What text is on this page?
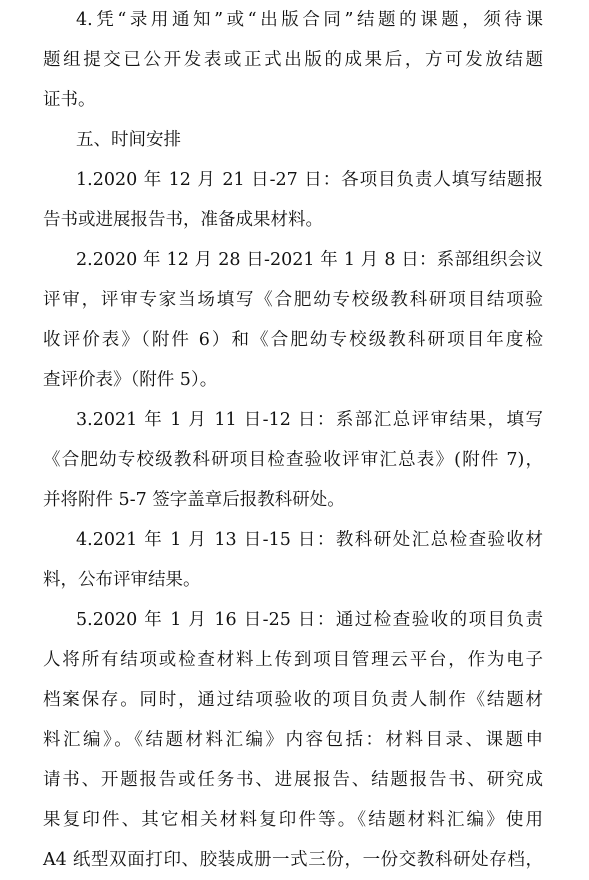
4.凭“录用通知”或“出版合同”结题的课题，须待课
题组提交已公开发表或正式出版的成果后，方可发放结题
证书。
五、时间安排
1.2020 年 12 月 21 日-27 日：各项目负责人填写结题报
告书或进展报告书，准备成果材料。
2.2020 年 12 月 28 日-2021 年 1 月 8 日：系部组织会议
评审，评审专家当场填写《合肥幼专校级教科研项目结项验
收评价表》（附件 6）和《合肥幼专校级教科研项目年度检
查评价表》（附件 5）。
3.2021 年 1 月 11 日-12 日：系部汇总评审结果，填写
《合肥幼专校级教科研项目检查验收评审汇总表》(附件 7)，
并将附件 5-7 签字盖章后报教科研处。
4.2021 年 1 月 13 日-15 日：教科研处汇总检查验收材
料，公布评审结果。
5.2020 年 1 月 16 日-25 日：通过检查验收的项目负责
人将所有结项或检查材料上传到项目管理云平台，作为电子
档案保存。同时，通过结项验收的项目负责人制作《结题材
料汇编》。《结题材料汇编》内容包括：材料目录、课题申
请书、开题报告或任务书、进展报告、结题报告书、研究成
果复印件、其它相关材料复印件等。《结题材料汇编》使用
A4 纸型双面打印、胶装成册一式三份，一份交教科研处存档，
